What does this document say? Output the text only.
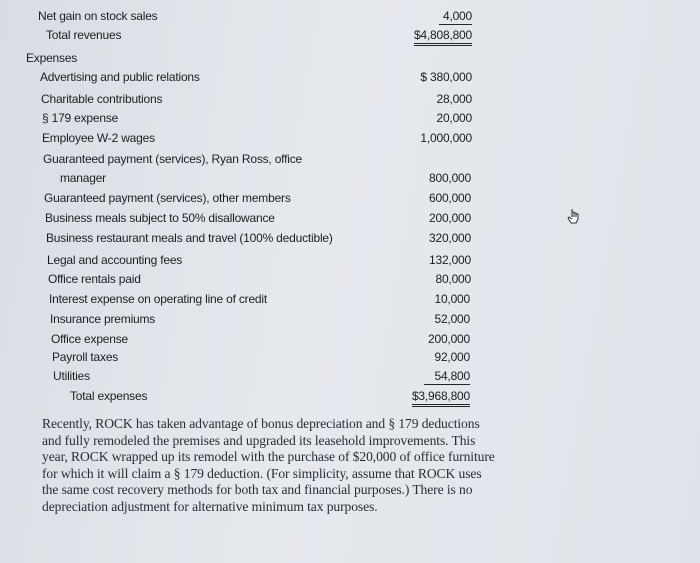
Net gain on stock sales	4,000
Total revenues	$4,808,800
Expenses
Advertising and public relations	$ 380,000
Charitable contributions	28,000
§ 179 expense	20,000
Employee W-2 wages	1,000,000
Guaranteed payment (services), Ryan Ross, office
manager	800,000
Guaranteed payment (services), other members	600,000
Business meals subject to 50% disallowance	200,000
Business restaurant meals and travel (100% deductible)	320,000
Legal and accounting fees	132,000
Office rentals paid	80,000
Interest expense on operating line of credit	10,000
Insurance premiums	52,000
Office expense	200,000
Payroll taxes	92,000
Utilities	54,800
Total expenses	$3,968,800
Recently, ROCK has taken advantage of bonus depreciation and § 179 deductions
and fully remodeled the premises and upgraded its leasehold improvements. This
year, ROCK wrapped up its remodel with the purchase of $20,000 of office furniture
for which it will claim a § 179 deduction. (For simplicity, assume that ROCK uses
the same cost recovery methods for both tax and financial purposes.) There is no
depreciation adjustment for alternative minimum tax purposes.
